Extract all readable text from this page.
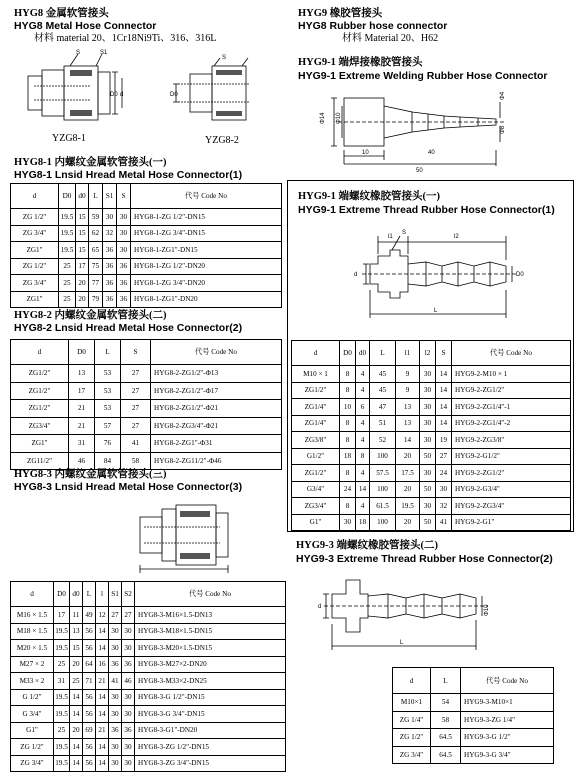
HYG8 金属软管接头
HYG8 Metal Hose Connector
材料 material 20、1Cr18Ni9Ti、316、316L
S	S1
D0 d
YZG8-1
D0
S
YZG8-2
HYG8-1 内螺纹金属软管接头(一)
HYG8-1 Lnsid Hread Metal Hose Connector(1)
d	D0	d0	L	S1	S	代号 Code No
ZG 1/2"	19.5	15	59	30	30	HYG8-1-ZG 1/2"-DN15
ZG 3/4"	19.5	15	62	32	30	HYG8-1-ZG 3/4"-DN15
ZG1"	19.5	15	65	36	30	HYG8-1-ZG1"-DN15
ZG 1/2"	25	17	75	36	36	HYG8-1-ZG 1/2"-DN20
ZG 3/4"	25	20	77	36	36	HYG8-1-ZG 3/4"-DN20
ZG1"	25	20	79	36	36	HYG8-1-ZG1"-DN20
HYG8-2 内螺纹金属软管接头(二)
HYG8-2 Lnsid Hread Metal Hose Connector(2)
d	D0	L	S	代号 Code No
ZG1/2"	13	53	27	HYG8-2-ZG1/2"-Φ13
ZG1/2"	17	53	27	HYG8-2-ZG1/2"-Φ17
ZG1/2"	21	53	27	HYG8-2-ZG1/2"-Φ21
ZG3/4"	21	57	27	HYG8-2-ZG3/4"-Φ21
ZG1"	31	76	41	HYG8-2-ZG1"-Φ31
ZG11/2"	46	84	58	HYG8-2-ZG11/2"-Φ46
HYG8-3 内螺纹金属软管接头(三)
HYG8-3 Lnsid Hread Metal Hose Connector(3)
d	D0	d0	L	l	S1	S2	代号 Code No
M16 × 1.5	17	11	49	12	27	27	HYG8-3-M16×1.5-DN13
M18 × 1.5	19.5	13	56	14	30	30	HYG8-3-M18×1.5-DN15
M20 × 1.5	19.5	15	56	14	30	30	HYG8-3-M20×1.5-DN15
M27 × 2	25	20	64	16	36	36	HYG8-3-M27×2-DN20
M33 × 2	31	25	71	21	41	46	HYG8-3-M33×2-DN25
G 1/2"	19.5	14	56	14	30	30	HYG8-3-G 1/2"-DN15
G 3/4"	19.5	14	56	14	30	30	HYG8-3-G 3/4"-DN15
G1"	25	20	69	21	36	36	HYG8-3-G1"-DN20
ZG 1/2"	19.5	14	56	14	30	30	HYG8-3-ZG 1/2"-DN15
ZG 3/4"	19.5	14	56	14	30	30	HYG8-3-ZG 3/4"-DN15
HYG9 橡胶管接头
HYG8 Rubber hose connector
材料 Material 20、H62
HYG9-1 端焊接橡胶管接头
HYG9-1 Extreme Welding Rubber Hose Connector
Φ14 Φ10
Φ4
Φ8
10	40
50
HYG9-1 端螺纹橡胶管接头(一)
HYG9-1 Extreme Thread Rubber Hose Connector(1)
S
l1	l2
d	D0
L
d	D0	d0	L	l1	l2	S	代号 Code No
M10 × 1	8	4	45	9	30	14	HYG9-2-M10 × 1
ZG1/2"	8	4	45	9	30	14	HYG9-2-ZG1/2"
ZG1/4"	10	6	47	13	30	14	HYG9-2-ZG1/4"-1
ZG1/4"	8	4	51	13	30	14	HYG9-2-ZG1/4"-2
ZG3/8"	8	4	52	14	30	19	HYG9-2-ZG3/8"
G1/2"	18	8	100	20	50	27	HYG9-2-G1/2"
ZG1/2"	8	4	57.5	17.5	30	24	HYG9-2-ZG1/2"
G3/4"	24	14	100	20	50	30	HYG9-2-G3/4"
ZG3/4"	8	4	61.5	19.5	30	32	HYG9-2-ZG3/4"
G1"	30	18	100	20	50	41	HYG9-2-G1"
HYG9-3 端螺纹橡胶管接头(二)
HYG9-3 Extreme Thread Rubber Hose Connector(2)
d	Φ10
L
d	L	代号 Code No
M10×1	54	HYG9-3-M10×1
ZG 1/4"	58	HYG9-3-ZG 1/4"
ZG 1/2"	64.5	HYG9-3-G 1/2"
ZG 3/4"	64.5	HYG9-3-G 3/4"
